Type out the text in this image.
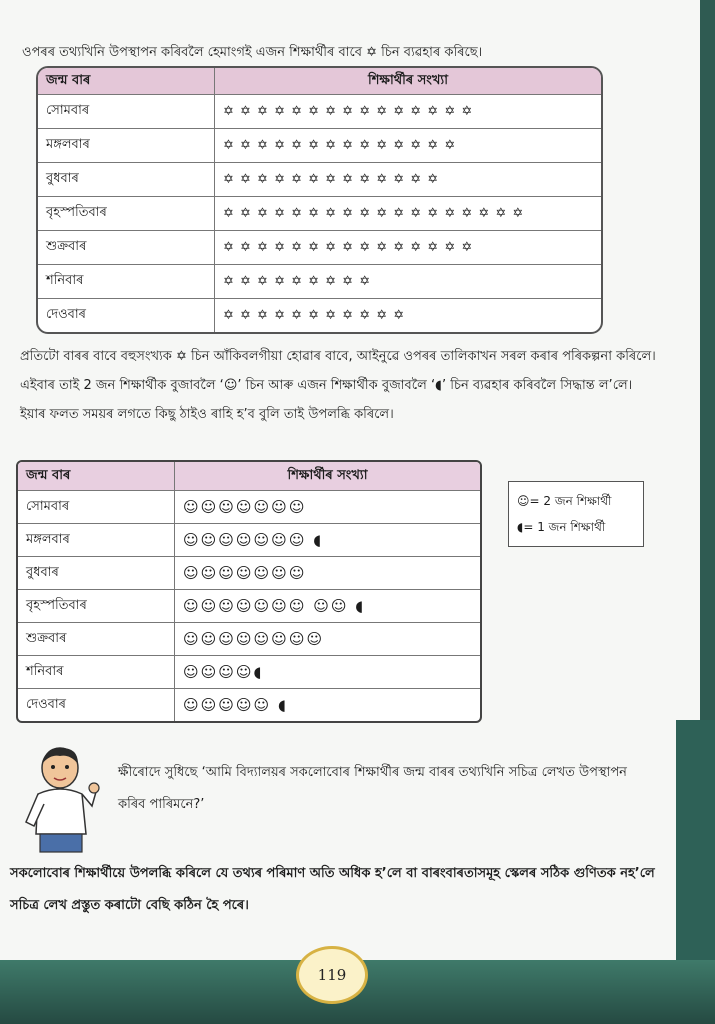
ওপৰৰ তথ্যখিনি উপস্থাপন কৰিবলৈ হেমাংগই এজন শিক্ষাৰ্থীৰ বাবে ✡ চিন ব্যৱহাৰ কৰিছে।
জন্ম বাৰ	শিক্ষাৰ্থীৰ সংখ্যা
সোমবাৰ	✡ ✡ ✡ ✡ ✡ ✡ ✡ ✡ ✡ ✡ ✡ ✡ ✡ ✡ ✡
মঙ্গলবাৰ	✡ ✡ ✡ ✡ ✡ ✡ ✡ ✡ ✡ ✡ ✡ ✡ ✡ ✡
বুধবাৰ	✡ ✡ ✡ ✡ ✡ ✡ ✡ ✡ ✡ ✡ ✡ ✡ ✡
বৃহস্পতিবাৰ	✡ ✡ ✡ ✡ ✡ ✡ ✡ ✡ ✡ ✡ ✡ ✡ ✡ ✡ ✡ ✡ ✡ ✡
শুক্ৰবাৰ	✡ ✡ ✡ ✡ ✡ ✡ ✡ ✡ ✡ ✡ ✡ ✡ ✡ ✡ ✡
শনিবাৰ	✡ ✡ ✡ ✡ ✡ ✡ ✡ ✡ ✡
দেওবাৰ	✡ ✡ ✡ ✡ ✡ ✡ ✡ ✡ ✡ ✡ ✡
প্ৰতিটো বাৰৰ বাবে বহুসংখ্যক ✡ চিন আঁকিবলগীয়া হোৱাৰ বাবে, আইনুৱে ওপৰৰ তালিকাখন সৰল কৰাৰ পৰিকল্পনা কৰিলে। এইবাৰ তাই 2 জন শিক্ষাৰ্থীক বুজাবলৈ ‘☺’ চিন আৰু এজন শিক্ষাৰ্থীক বুজাবলৈ ‘◖’ চিন ব্যৱহাৰ কৰিবলৈ সিদ্ধান্ত ল’লে। ইয়াৰ ফলত সময়ৰ লগতে কিছু ঠাইও ৰাহি হ’ব বুলি তাই উপলব্ধি কৰিলে।
জন্ম বাৰ	শিক্ষাৰ্থীৰ সংখ্যা
সোমবাৰ	☺☺☺☺☺☺☺
মঙ্গলবাৰ	☺☺☺☺☺☺☺ ◖
বুধবাৰ	☺☺☺☺☺☺☺
বৃহস্পতিবাৰ	☺☺☺☺☺☺☺ ☺☺ ◖
শুক্ৰবাৰ	☺☺☺☺☺☺☺☺
শনিবাৰ	☺☺☺☺◖
দেওবাৰ	☺☺☺☺☺ ◖
☺= 2 জন শিক্ষাৰ্থী
◖= 1 জন শিক্ষাৰ্থী
ক্ষীৰোদে সুধিছে ‘আমি বিদ্যালয়ৰ সকলোবোৰ শিক্ষাৰ্থীৰ জন্ম বাৰৰ তথ্যখিনি সচিত্ৰ লেখত উপস্থাপন কৰিব পাৰিমনে?’
সকলোবোৰ শিক্ষাৰ্থীয়ে উপলব্ধি কৰিলে যে তথ্যৰ পৰিমাণ অতি অধিক হ’লে বা বাৰংবাৰতাসমূহ স্কেলৰ সঠিক গুণিতক নহ’লে সচিত্ৰ লেখ প্ৰস্তুত কৰাটো বেছি কঠিন হৈ পৰে।
119
